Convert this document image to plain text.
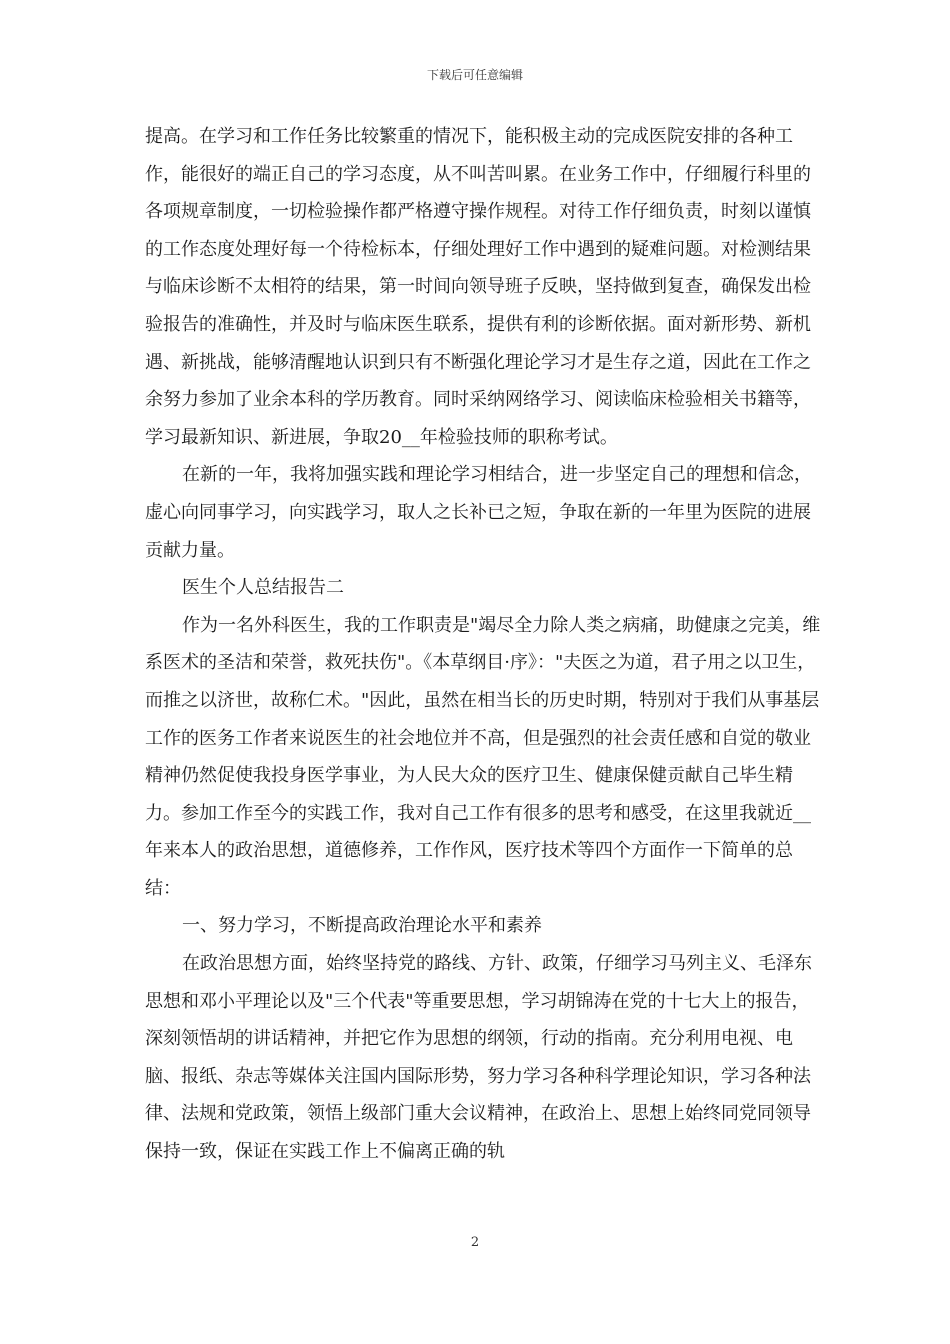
下载后可任意编辑

提高。在学习和工作任务比较繁重的情况下，能积极主动的完成医院安排的各种工作，能很好的端正自己的学习态度，从不叫苦叫累。在业务工作中，仔细履行科里的各项规章制度，一切检验操作都严格遵守操作规程。对待工作仔细负责，时刻以谨慎的工作态度处理好每一个待检标本，仔细处理好工作中遇到的疑难问题。对检测结果与临床诊断不太相符的结果，第一时间向领导班子反映，坚持做到复查，确保发出检验报告的准确性，并及时与临床医生联系，提供有利的诊断依据。面对新形势、新机遇、新挑战，能够清醒地认识到只有不断强化理论学习才是生存之道，因此在工作之余努力参加了业余本科的学历教育。同时采纳网络学习、阅读临床检验相关书籍等，学习最新知识、新进展，争取20__年检验技师的职称考试。

在新的一年，我将加强实践和理论学习相结合，进一步坚定自己的理想和信念，虚心向同事学习，向实践学习，取人之长补已之短，争取在新的一年里为医院的进展贡献力量。

医生个人总结报告二

作为一名外科医生，我的工作职责是"竭尽全力除人类之病痛，助健康之完美，维系医术的圣洁和荣誉，救死扶伤"。《本草纲目·序》："夫医之为道，君子用之以卫生，而推之以济世，故称仁术。"因此，虽然在相当长的历史时期，特别对于我们从事基层工作的医务工作者来说医生的社会地位并不高，但是强烈的社会责任感和自觉的敬业精神仍然促使我投身医学事业，为人民大众的医疗卫生、健康保健贡献自己毕生精力。参加工作至今的实践工作，我对自己工作有很多的思考和感受，在这里我就近__年来本人的政治思想，道德修养，工作作风，医疗技术等四个方面作一下简单的总结：

一、努力学习，不断提高政治理论水平和素养

在政治思想方面，始终坚持党的路线、方针、政策，仔细学习马列主义、毛泽东思想和邓小平理论以及"三个代表"等重要思想，学习胡锦涛在党的十七大上的报告，深刻领悟胡的讲话精神，并把它作为思想的纲领，行动的指南。充分利用电视、电脑、报纸、杂志等媒体关注国内国际形势，努力学习各种科学理论知识，学习各种法律、法规和党政策，领悟上级部门重大会议精神，在政治上、思想上始终同党同领导保持一致，保证在实践工作上不偏离正确的轨

2
